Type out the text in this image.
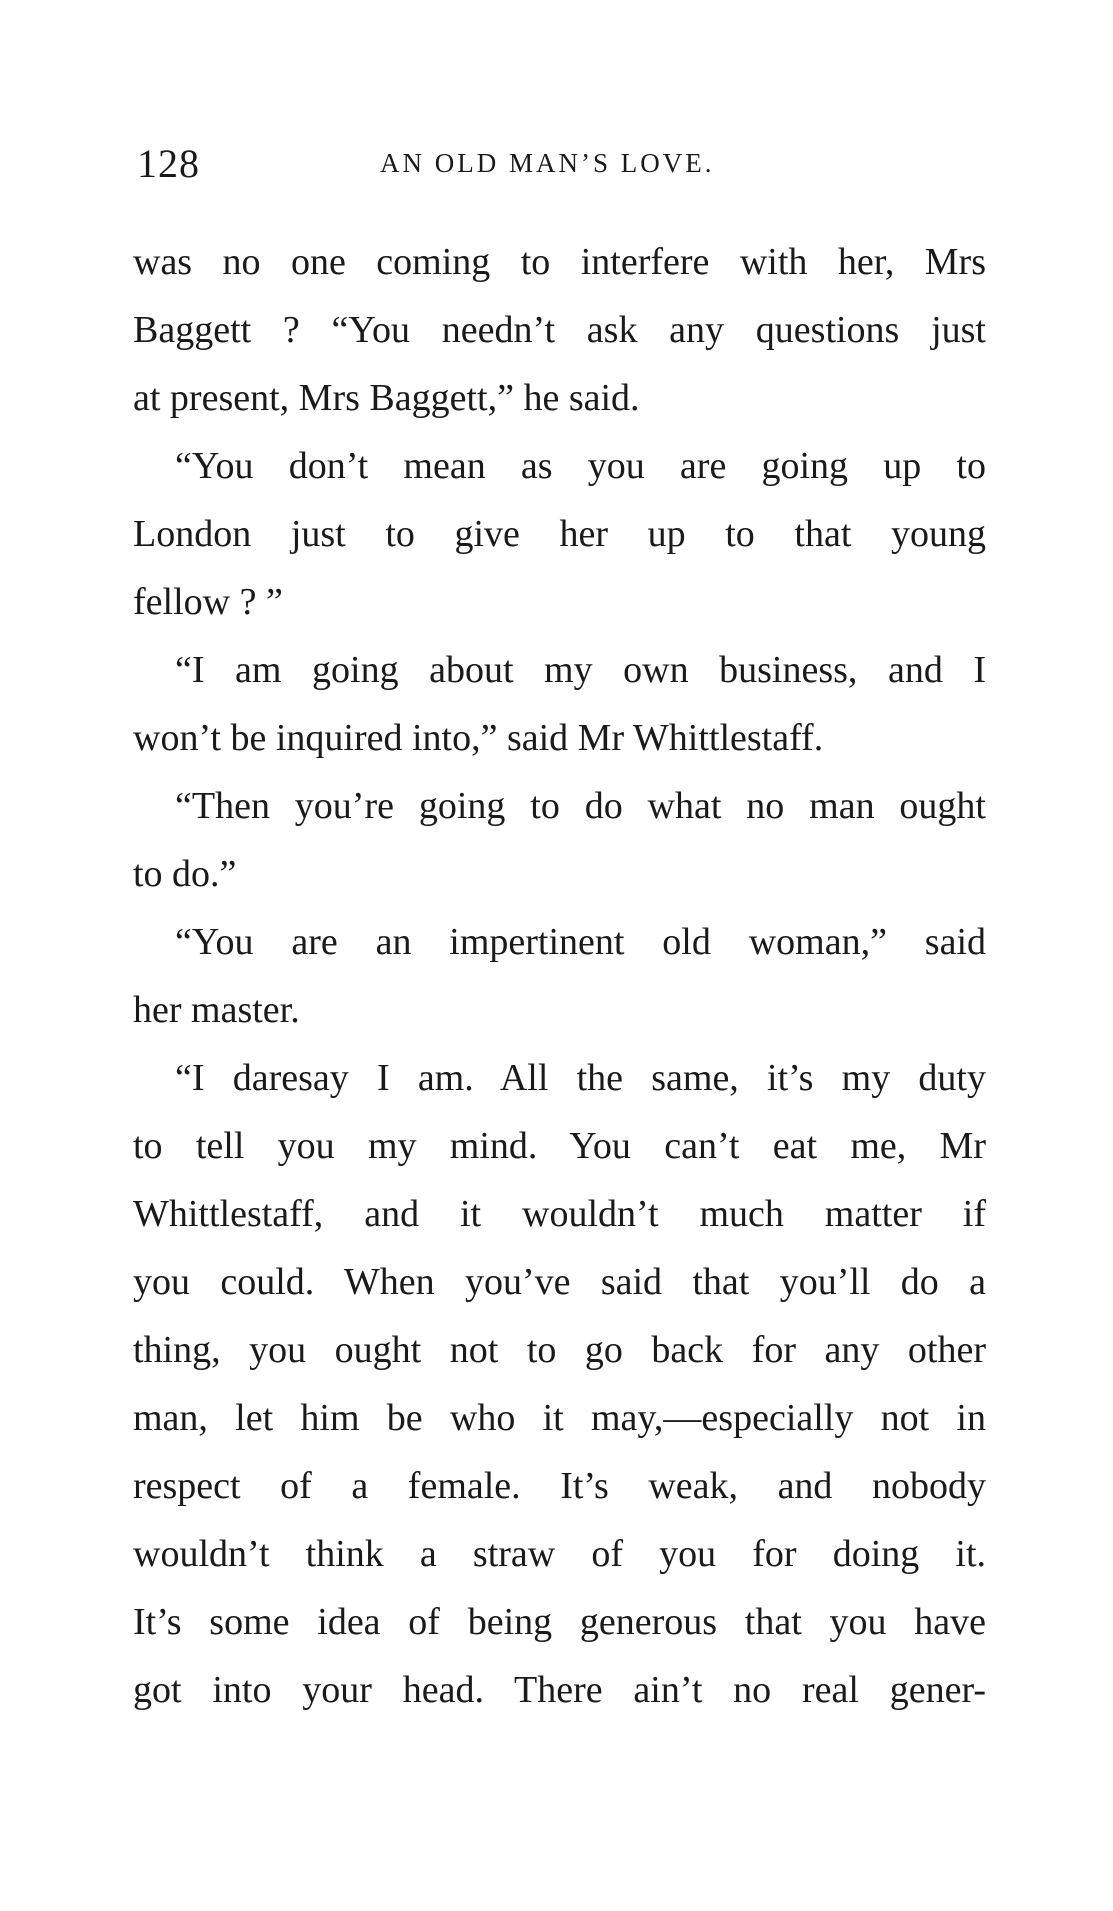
128	AN OLD MAN’S LOVE.
was no one coming to interfere with her, Mrs
Baggett ? “You needn’t ask any questions just
at present, Mrs Baggett,” he said.
“You don’t mean as you are going up to
London just to give her up to that young
fellow ? ”
“I am going about my own business, and I
won’t be inquired into,” said Mr Whittlestaff.
“Then you’re going to do what no man ought
to do.”
“You are an impertinent old woman,” said
her master.
“I daresay I am. All the same, it’s my duty
to tell you my mind. You can’t eat me, Mr
Whittlestaff, and it wouldn’t much matter if
you could. When you’ve said that you’ll do a
thing, you ought not to go back for any other
man, let him be who it may,—especially not in
respect of a female. It’s weak, and nobody
wouldn’t think a straw of you for doing it.
It’s some idea of being generous that you have
got into your head. There ain’t no real gener-
